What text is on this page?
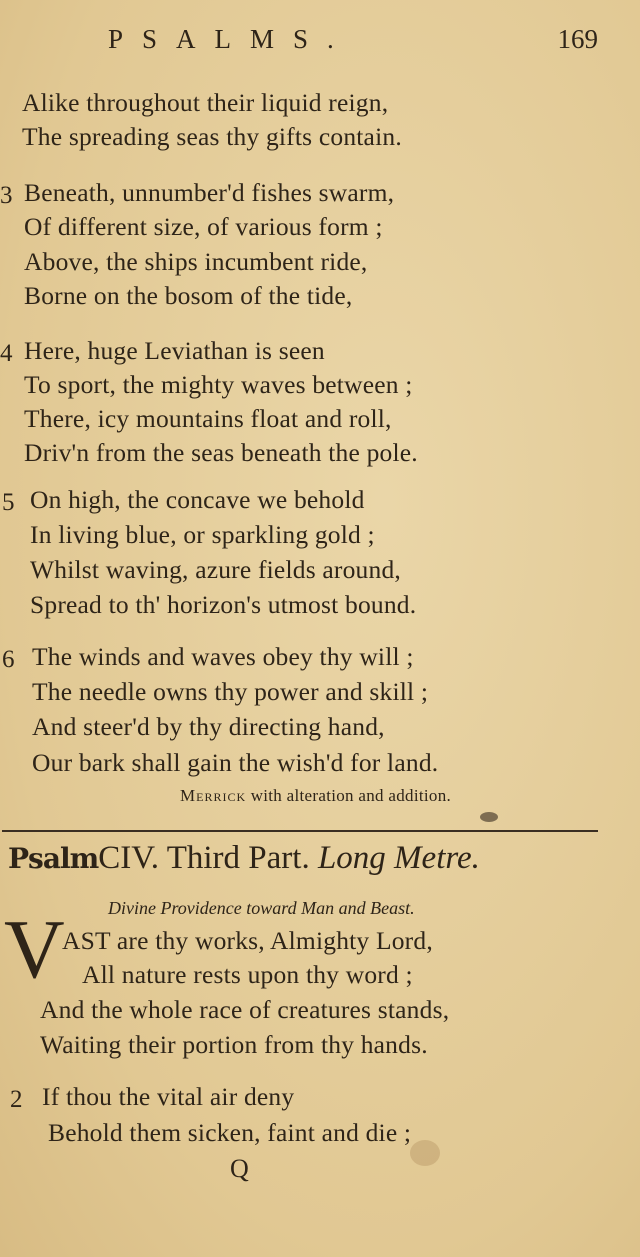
PSALMS.	169
Alike throughout their liquid reign,
The spreading seas thy gifts contain.
3 Beneath, unnumber'd fishes swarm,
Of different size, of various form ;
Above, the ships incumbent ride,
Borne on the bosom of the tide,
4 Here, huge Leviathan is seen
To sport, the mighty waves between ;
There, icy mountains float and roll,
Driv'n from the seas beneath the pole.
5 On high, the concave we behold
In living blue, or sparkling gold ;
Whilst waving, azure fields around,
Spread to th' horizon's utmost bound.
6 The winds and waves obey thy will ;
The needle owns thy power and skill ;
And steer'd by thy directing hand,
Our bark shall gain the wish'd for land.
Merrick with alteration and addition.
PsalmCIV. Third Part. Long Metre.
Divine Providence toward Man and Beast.
V
AST are thy works, Almighty Lord,
All nature rests upon thy word ;
And the whole race of creatures stands,
Waiting their portion from thy hands.
2 If thou the vital air deny
Behold them sicken, faint and die ;
Q
